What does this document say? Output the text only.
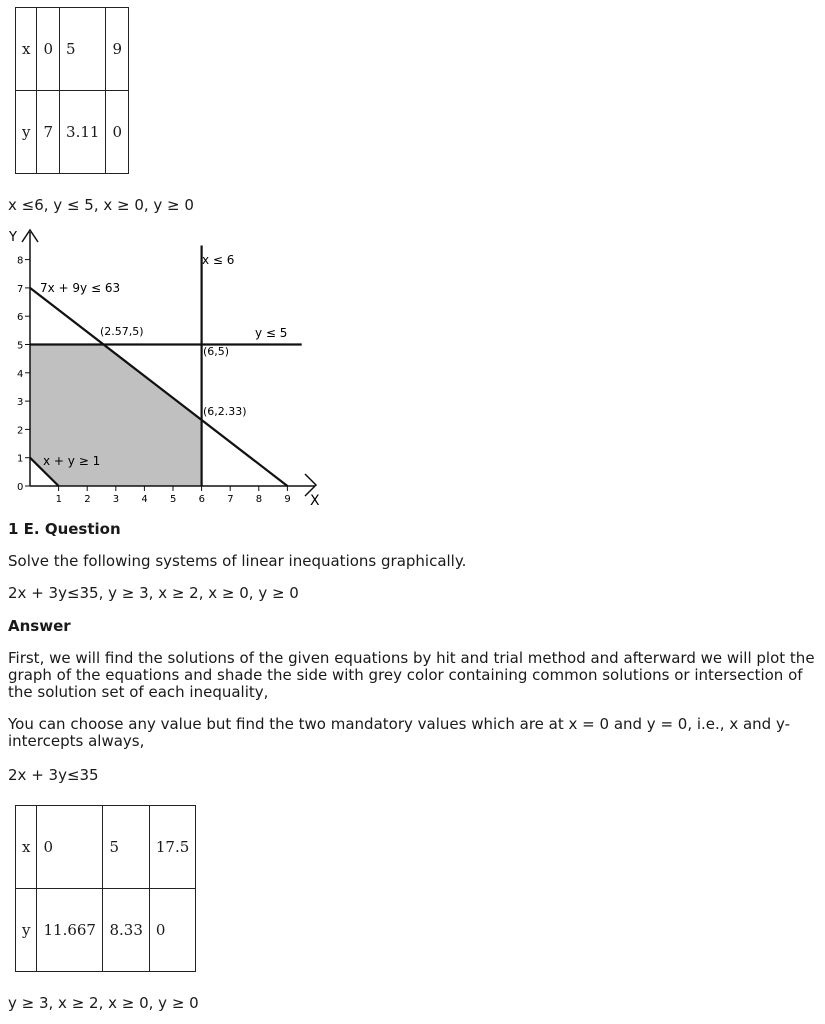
x	0	5	9
y	7	3.11	0
x ≤6, y ≤ 5, x ≥ 0, y ≥ 0
Y
X
1 2 3 4 5 6 7 8 9
0
1
2
3
4
5
6
7
8
7x + 9y ≤ 63
x ≤ 6
y ≤ 5
x + y ≥ 1
(2.57,5)
(6,5)
(6,2.33)
1 E. Question
Solve the following systems of linear inequations graphically.
2x + 3y≤35, y ≥ 3, x ≥ 2, x ≥ 0, y ≥ 0
Answer
First, we will find the solutions of the given equations by hit and trial method and afterward we will plot the graph of the equations and shade the side with grey color containing common solutions or intersection of the solution set of each inequality,
You can choose any value but find the two mandatory values which are at x = 0 and y = 0, i.e., x and y-intercepts always,
2x + 3y≤35
x	0	5	17.5
y	11.667	8.33	0
y ≥ 3, x ≥ 2, x ≥ 0, y ≥ 0
